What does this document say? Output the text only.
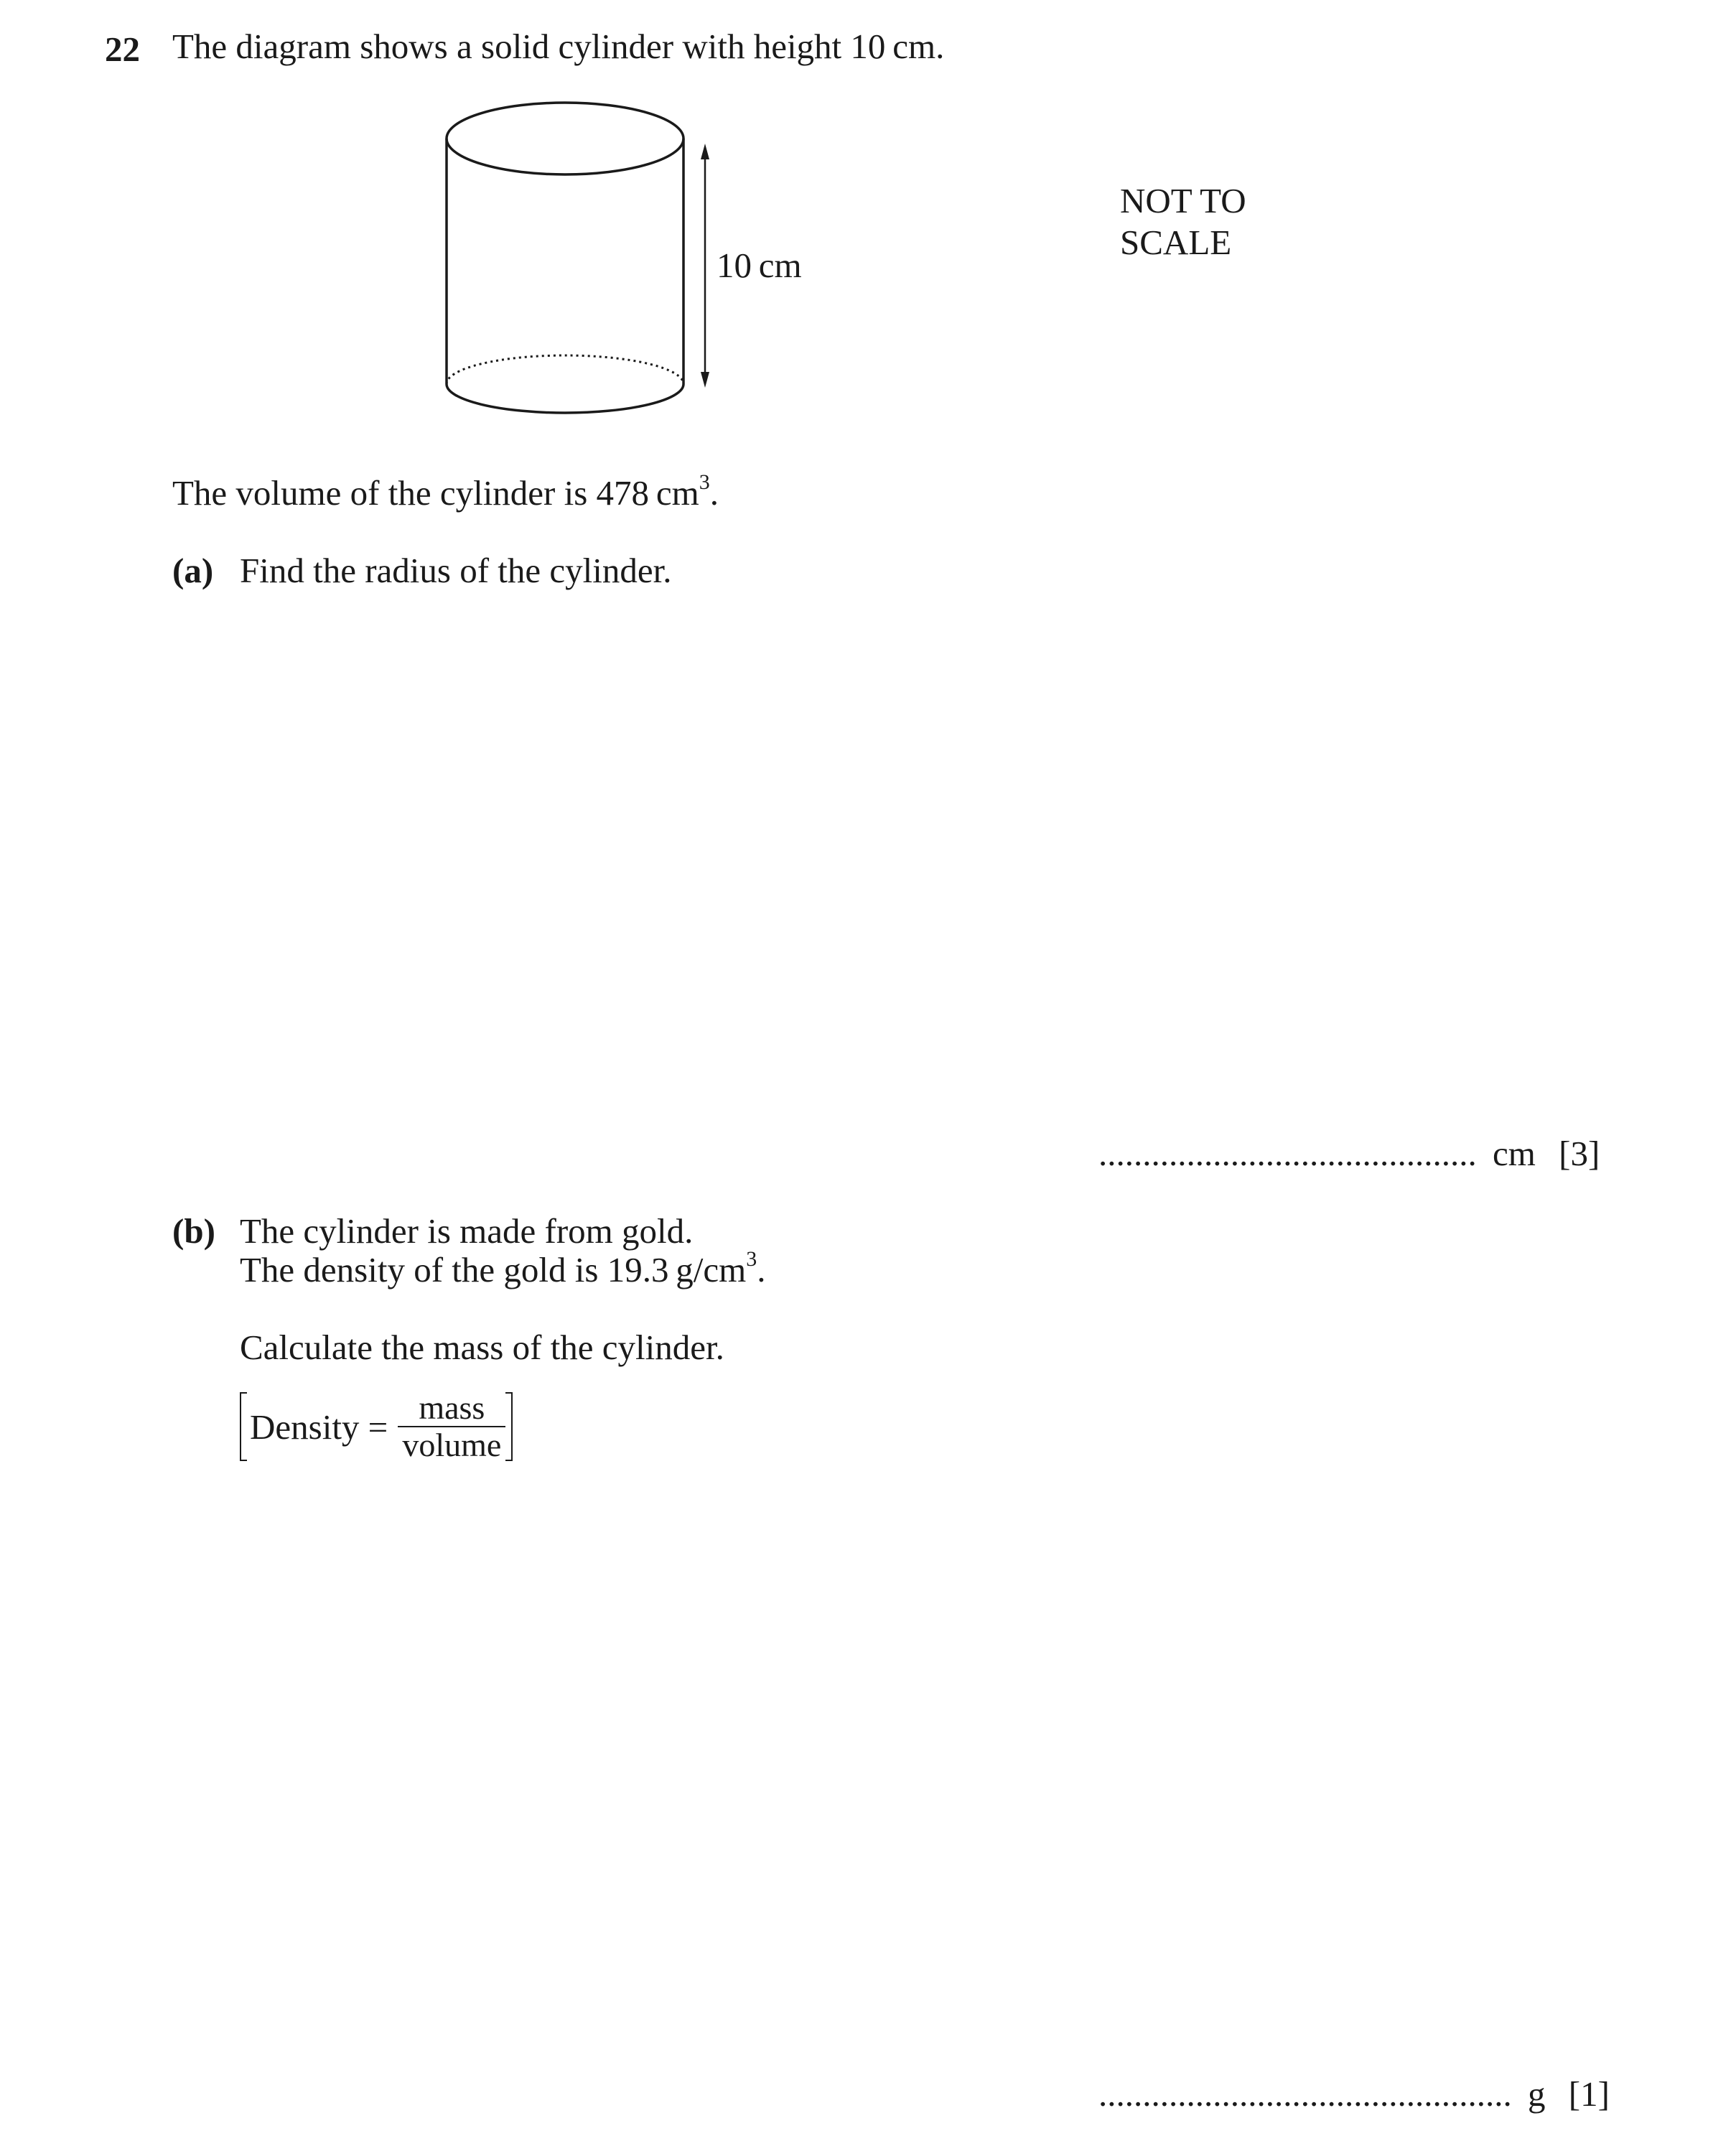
22 The diagram shows a solid cylinder with height 10 cm.
10 cm
NOT TO
SCALE
The volume of the cylinder is 478 $cm^3$.
(a) Find the radius of the cylinder.
........................................... cm [3]
(b) The cylinder is made from gold.
The density of the gold is 19.3 $g/cm^3$.
Calculate the mass of the cylinder.
Density = $\frac{\text{mass}}{\text{volume}}$
............................................... g [1]
